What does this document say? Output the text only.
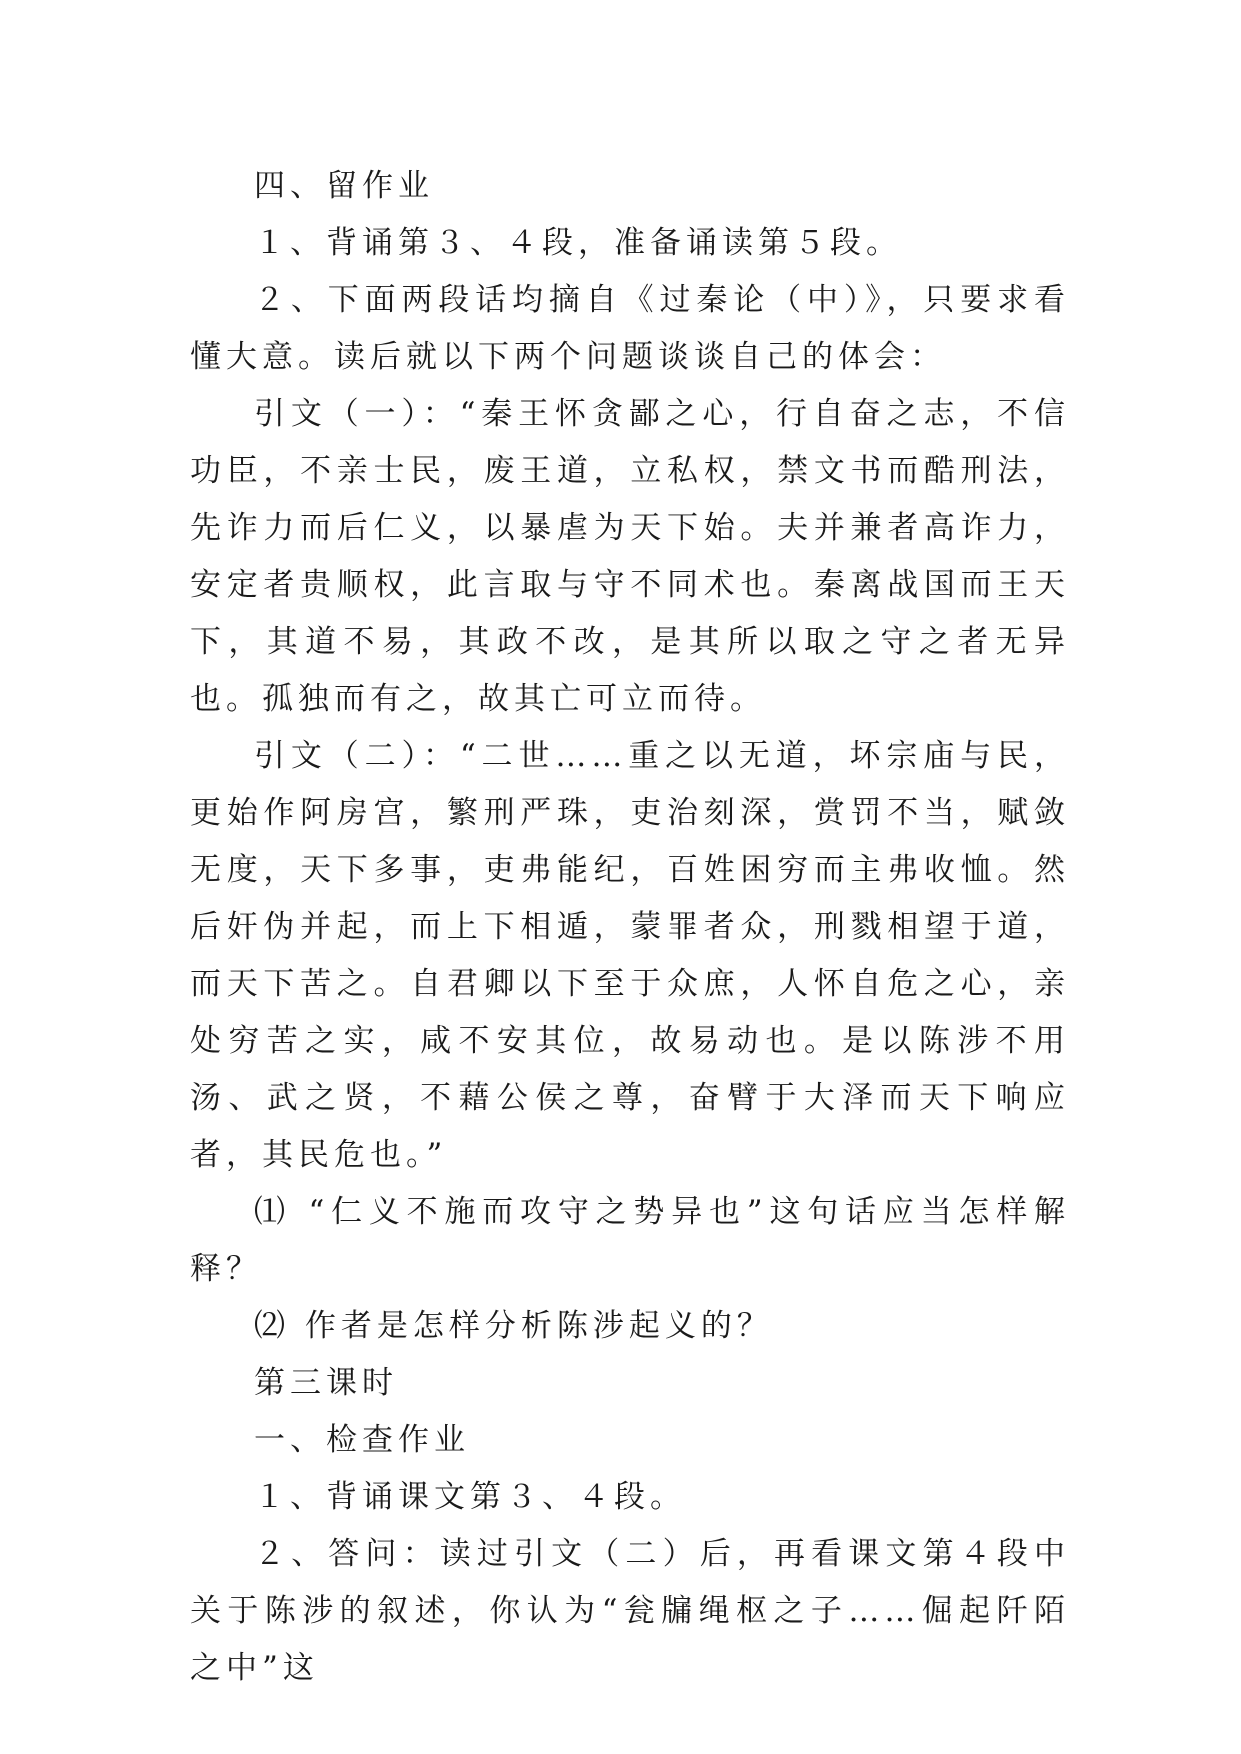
四、留作业

１、背诵第３、４段，准备诵读第５段。

２、下面两段话均摘自《过秦论（中）》，只要求看懂大意。读后就以下两个问题谈谈自己的体会：

引文（一）：“秦王怀贪鄙之心，行自奋之志，不信功臣，不亲士民，废王道，立私权，禁文书而酷刑法，先诈力而后仁义，以暴虐为天下始。夫并兼者高诈力，安定者贵顺权，此言取与守不同术也。秦离战国而王天下，其道不易，其政不改，是其所以取之守之者无异也。孤独而有之，故其亡可立而待。

引文（二）：“二世……重之以无道，坏宗庙与民，更始作阿房宫，繁刑严珠，吏治刻深，赏罚不当，赋敛无度，天下多事，吏弗能纪，百姓困穷而主弗收恤。然后奸伪并起，而上下相遁，蒙罪者众，刑戮相望于道，而天下苦之。自君卿以下至于众庶，人怀自危之心，亲处穷苦之实，咸不安其位，故易动也。是以陈涉不用汤、武之贤，不藉公侯之尊，奋臂于大泽而天下响应者，其民危也。”

⑴ “仁义不施而攻守之势异也”这句话应当怎样解释？

⑵ 作者是怎样分析陈涉起义的？

第三课时

一、检查作业

１、背诵课文第３、４段。

２、答问：读过引文（二）后，再看课文第４段中关于陈涉的叙述，你认为“瓮牖绳枢之子……倔起阡陌之中”这
